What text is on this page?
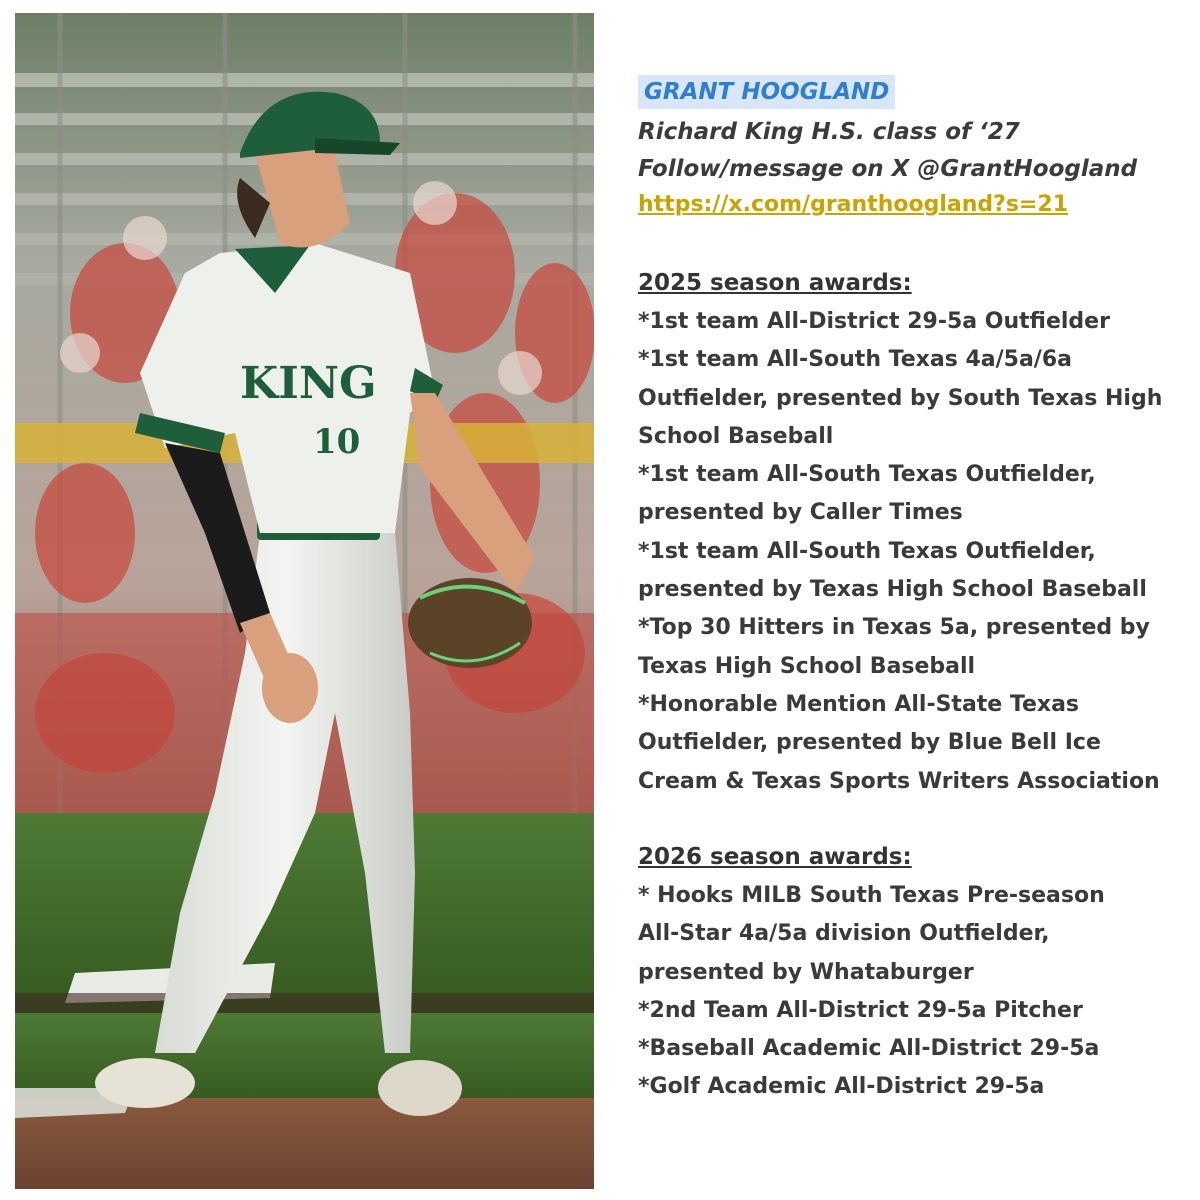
KING
10
GRANT HOOGLAND
Richard King H.S. class of ‘27
Follow/message on X @GrantHoogland
https://x.com/granthoogland?s=21
2025 season awards:

*1st team All-District 29-5a Outfielder

*1st team All-South Texas 4a/5a/6a
Outfielder, presented by South Texas High
School Baseball

*1st team All-South Texas Outfielder,
presented by Caller Times

*1st team All-South Texas Outfielder,
presented by Texas High School Baseball

*Top 30 Hitters in Texas 5a, presented by
Texas High School Baseball

*Honorable Mention All-State Texas
Outfielder, presented by Blue Bell Ice
Cream & Texas Sports Writers Association

2026 season awards:

* Hooks MILB South Texas Pre-season
All-Star 4a/5a division Outfielder,
presented by Whataburger

*2nd Team All-District 29-5a Pitcher

*Baseball Academic All-District 29-5a

*Golf Academic All-District 29-5a
